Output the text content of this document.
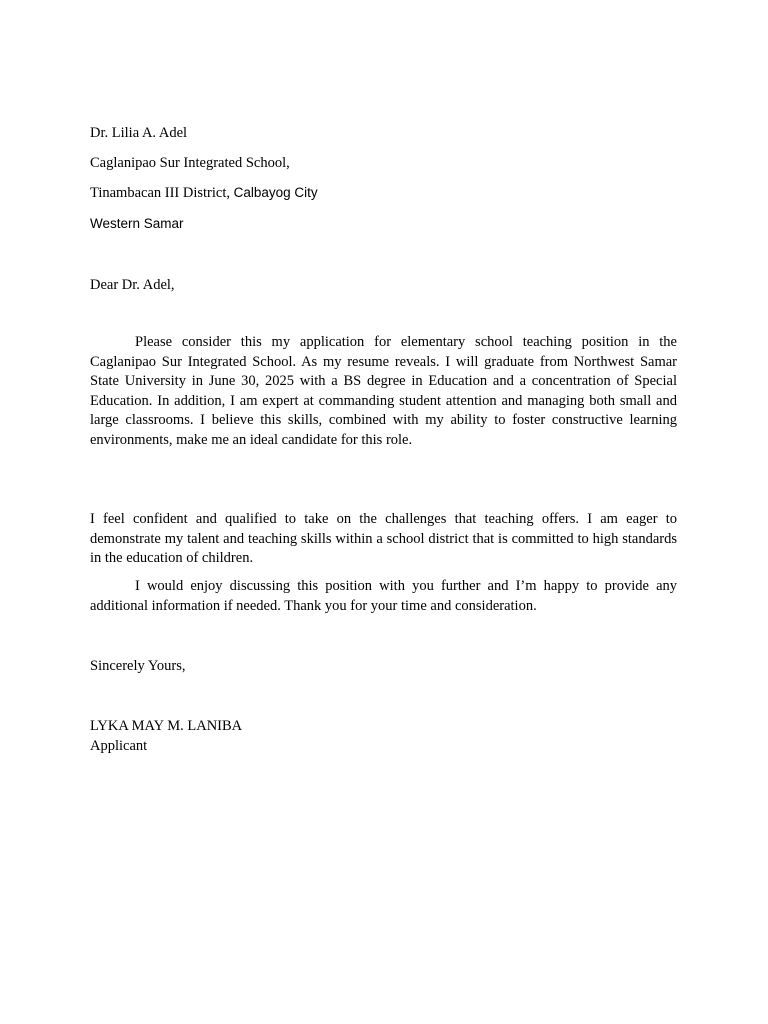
Dr. Lilia A. Adel
Caglanipao Sur Integrated School,
Tinambacan III District, Calbayog City
Western Samar
Dear Dr. Adel,

Please consider this my application for elementary school teaching position in the Caglanipao Sur Integrated School. As my resume reveals. I will graduate from Northwest Samar State University in June 30, 2025 with a BS degree in Education and a concentration of Special Education. In addition, I am expert at commanding student attention and managing both small and large classrooms. I believe this skills, combined with my ability to foster constructive learning environments, make me an ideal candidate for this role.

I feel confident and qualified to take on the challenges that teaching offers. I am eager to demonstrate my talent and teaching skills within a school district that is committed to high standards in the education of children.

I would enjoy discussing this position with you further and I’m happy to provide any additional information if needed. Thank you for your time and consideration.

Sincerely Yours,
LYKA MAY M. LANIBA
Applicant
